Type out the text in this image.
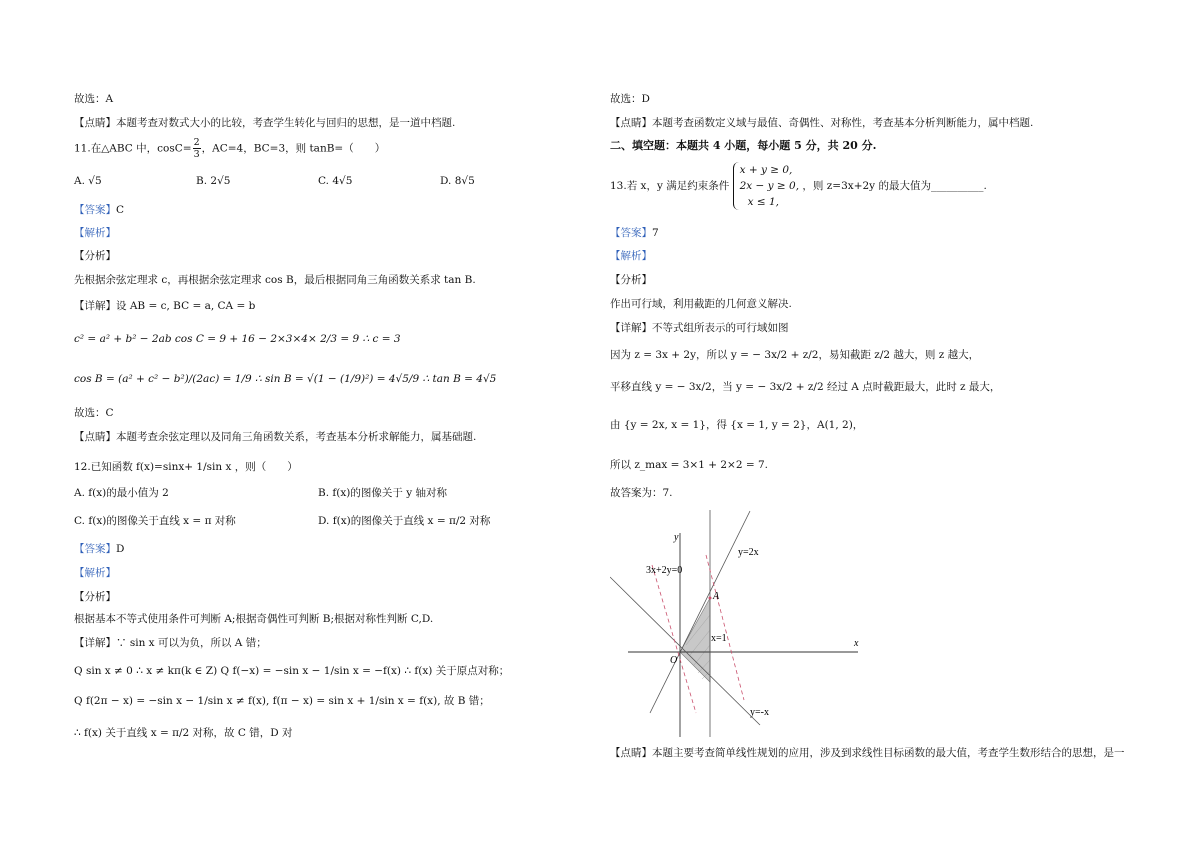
故选：A
【点睛】本题考查对数式大小的比较，考查学生转化与回归的思想，是一道中档题.
11.在△ABC 中，$\cos C= \frac{2}{3}$ ，AC=4，BC=3，则 tanB=（　　）
A. √5	B. 2√5	C. 4√5	D. 8√5
【答案】C
【解析】
【分析】
先根据余弦定理求 c，再根据余弦定理求 cos B，最后根据同角三角函数关系求 tan B.
【详解】设 AB = c, BC = a, CA = b
c² = a² + b² − 2ab cos C = 9 + 16 − 2×3×4× 2/3 = 9 ∴ c = 3
cos B = (a² + c² − b²)/(2ac) = 1/9 ∴ sin B = √(1 − (1/9)²) = 4√5/9 ∴ tan B = 4√5
故选：C
【点睛】本题考查余弦定理以及同角三角函数关系，考查基本分析求解能力，属基础题.
12.已知函数 f(x)=sinx+ 1/sin x ，则（　　）
A. f(x)的最小值为 2	B. f(x)的图像关于 y 轴对称
C. f(x)的图像关于直线 x = π 对称	D. f(x)的图像关于直线 x = π/2 对称
【答案】D
【解析】
【分析】
根据基本不等式使用条件可判断 A;根据奇偶性可判断 B;根据对称性判断 C,D.
【详解】∵ sin x 可以为负，所以 A 错；
Q sin x ≠ 0 ∴ x ≠ kπ(k ∈ Z) Q f(−x) = −sin x − 1/sin x = −f(x) ∴ f(x) 关于原点对称；
Q f(2π − x) = −sin x − 1/sin x ≠ f(x), f(π − x) = sin x + 1/sin x = f(x), 故 B 错；
∴ f(x) 关于直线 x = π/2 对称，故 C 错，D 对
故选：D
【点睛】本题考查函数定义域与最值、奇偶性、对称性，考查基本分析判断能力，属中档题.
二、填空题：本题共 4 小题，每小题 5 分，共 20 分.
13.若 x，y 满足约束条件
x + y ≥ 0,
2x − y ≥ 0,
x ≤ 1,
，则 z=3x+2y 的最大值为__________.
【答案】7
【解析】
【分析】
作出可行域，利用截距的几何意义解决.
【详解】不等式组所表示的可行域如图
因为 z = 3x + 2y，所以 y = − 3x/2 + z/2，易知截距 z/2 越大，则 z 越大，
平移直线 y = − 3x/2，当 y = − 3x/2 + z/2 经过 A 点时截距最大，此时 z 最大，
由 {y = 2x, x = 1}，得 {x = 1, y = 2}，A(1, 2)，
所以 z_max = 3×1 + 2×2 = 7.
故答案为：7.
【点睛】本题主要考查简单线性规划的应用，涉及到求线性目标函数的最大值，考查学生数形结合的思想，是一
y
x
O
A
y=2x
y=-x
x=1
3x+2y=0
